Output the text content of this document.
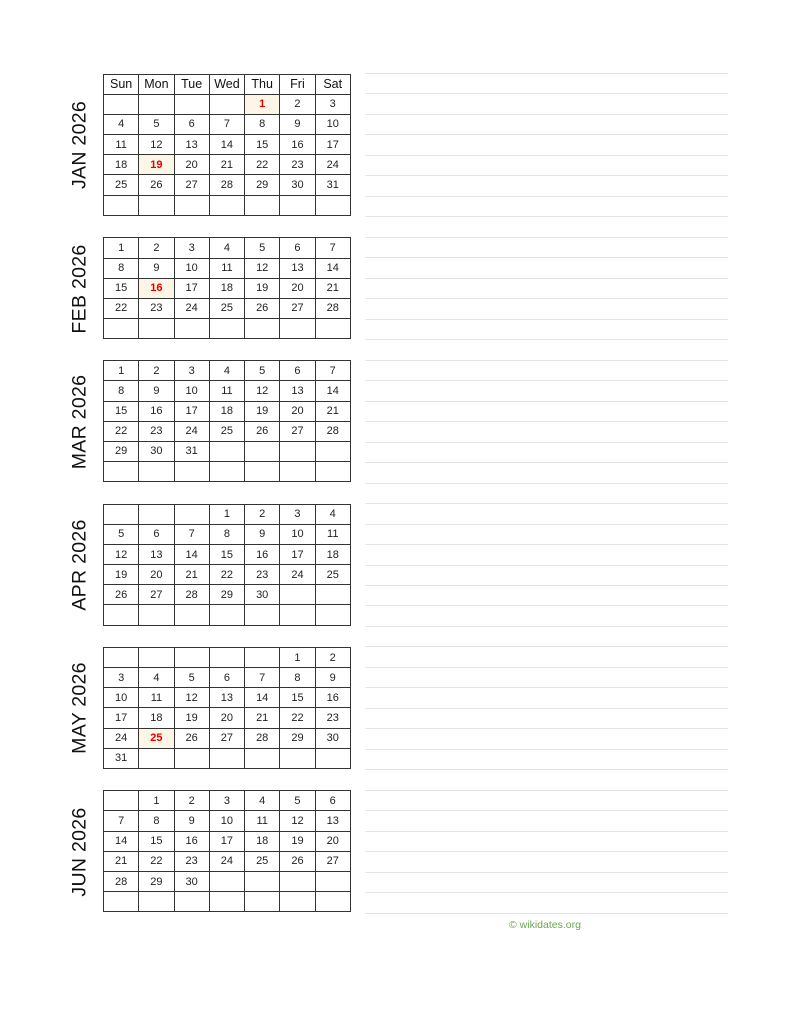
JAN 2026
Sun	Mon	Tue	Wed	Thu	Fri	Sat
				1	2	3
4	5	6	7	8	9	10
11	12	13	14	15	16	17
18	19	20	21	22	23	24
25	26	27	28	29	30	31

FEB 2026	1	2	3	4	5	6	7
8	9	10	11	12	13	14
15	16	17	18	19	20	21
22	23	24	25	26	27	28

MAR 2026
1	2	3	4	5	6	7
8	9	10	11	12	13	14
15	16	17	18	19	20	21
22	23	24	25	26	27	28
29	30	31				

APR 2026
			1	2	3	4
5	6	7	8	9	10	11
12	13	14	15	16	17	18
19	20	21	22	23	24	25
26	27	28	29	30		

MAY 2026
					1	2
3	4	5	6	7	8	9
10	11	12	13	14	15	16
17	18	19	20	21	22	23
24	25	26	27	28	29	30
31						
JUN 2026
	1	2	3	4	5	6
7	8	9	10	11	12	13
14	15	16	17	18	19	20
21	22	23	24	25	26	27
28	29	30				

© wikidates.org
